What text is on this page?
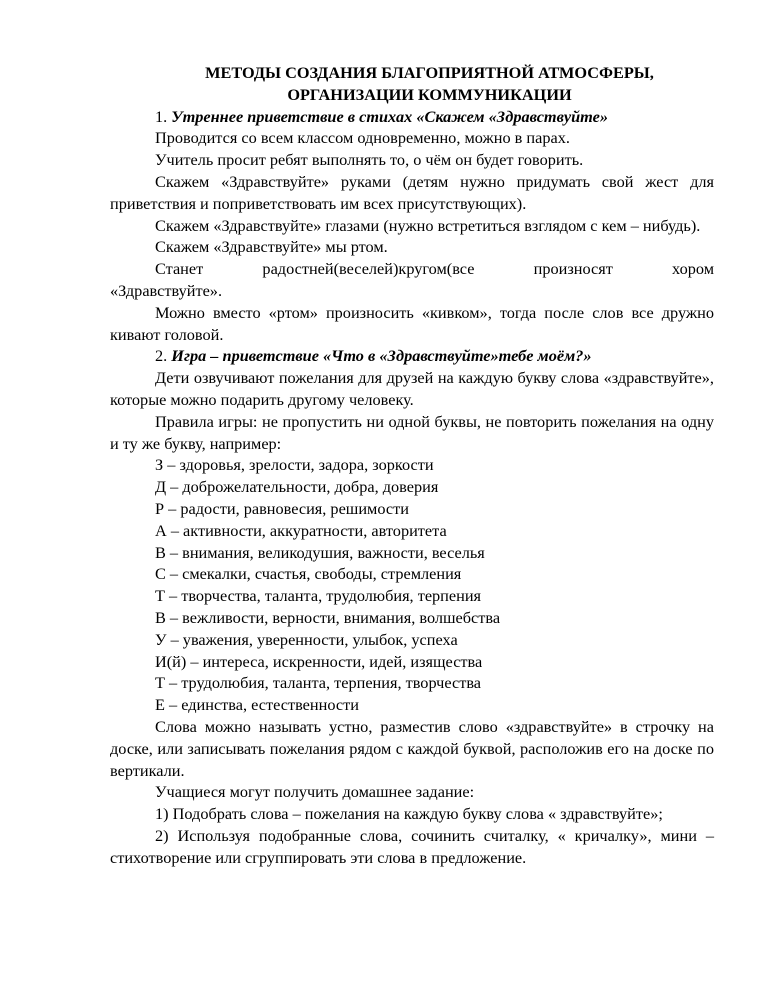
МЕТОДЫ СОЗДАНИЯ БЛАГОПРИЯТНОЙ АТМОСФЕРЫ,
ОРГАНИЗАЦИИ КОММУНИКАЦИИ

1. Утреннее приветствие в стихах «Скажем «Здравствуйте»

Проводится со всем классом одновременно, можно в парах.

Учитель просит ребят выполнять то, о чём он будет говорить.

Скажем «Здравствуйте» руками (детям нужно придумать свой жест для приветствия и поприветствовать им всех присутствующих).

Скажем «Здравствуйте» глазами (нужно встретиться взглядом с кем – нибудь).

Скажем «Здравствуйте» мы ртом.

Станет радостней(веселей)кругом(все произносят хором

«Здравствуйте».

Можно вместо «ртом» произносить «кивком», тогда после слов все дружно кивают головой.

2. Игра – приветствие «Что в «Здравствуйте»тебе моём?»

Дети озвучивают пожелания для друзей на каждую букву слова «здравствуйте», которые можно подарить другому человеку.

Правила игры: не пропустить ни одной буквы, не повторить пожелания на одну и ту же букву, например:

З – здоровья, зрелости, задора, зоркости

Д – доброжелательности, добра, доверия

Р – радости, равновесия, решимости

А – активности, аккуратности, авторитета

В – внимания, великодушия, важности, веселья

С – смекалки, счастья, свободы, стремления

Т – творчества, таланта, трудолюбия, терпения

В – вежливости, верности, внимания, волшебства

У – уважения, уверенности, улыбок, успеха

И(й) – интереса, искренности, идей, изящества

Т – трудолюбия, таланта, терпения, творчества

Е – единства, естественности

Слова можно называть устно, разместив слово «здравствуйте» в строчку на доске, или записывать пожелания рядом с каждой буквой, расположив его на доске по вертикали.

Учащиеся могут получить домашнее задание:

1) Подобрать слова – пожелания на каждую букву слова « здравствуйте»;

2) Используя подобранные слова, сочинить считалку, « кричалку», мини – стихотворение или сгруппировать эти слова в предложение.
